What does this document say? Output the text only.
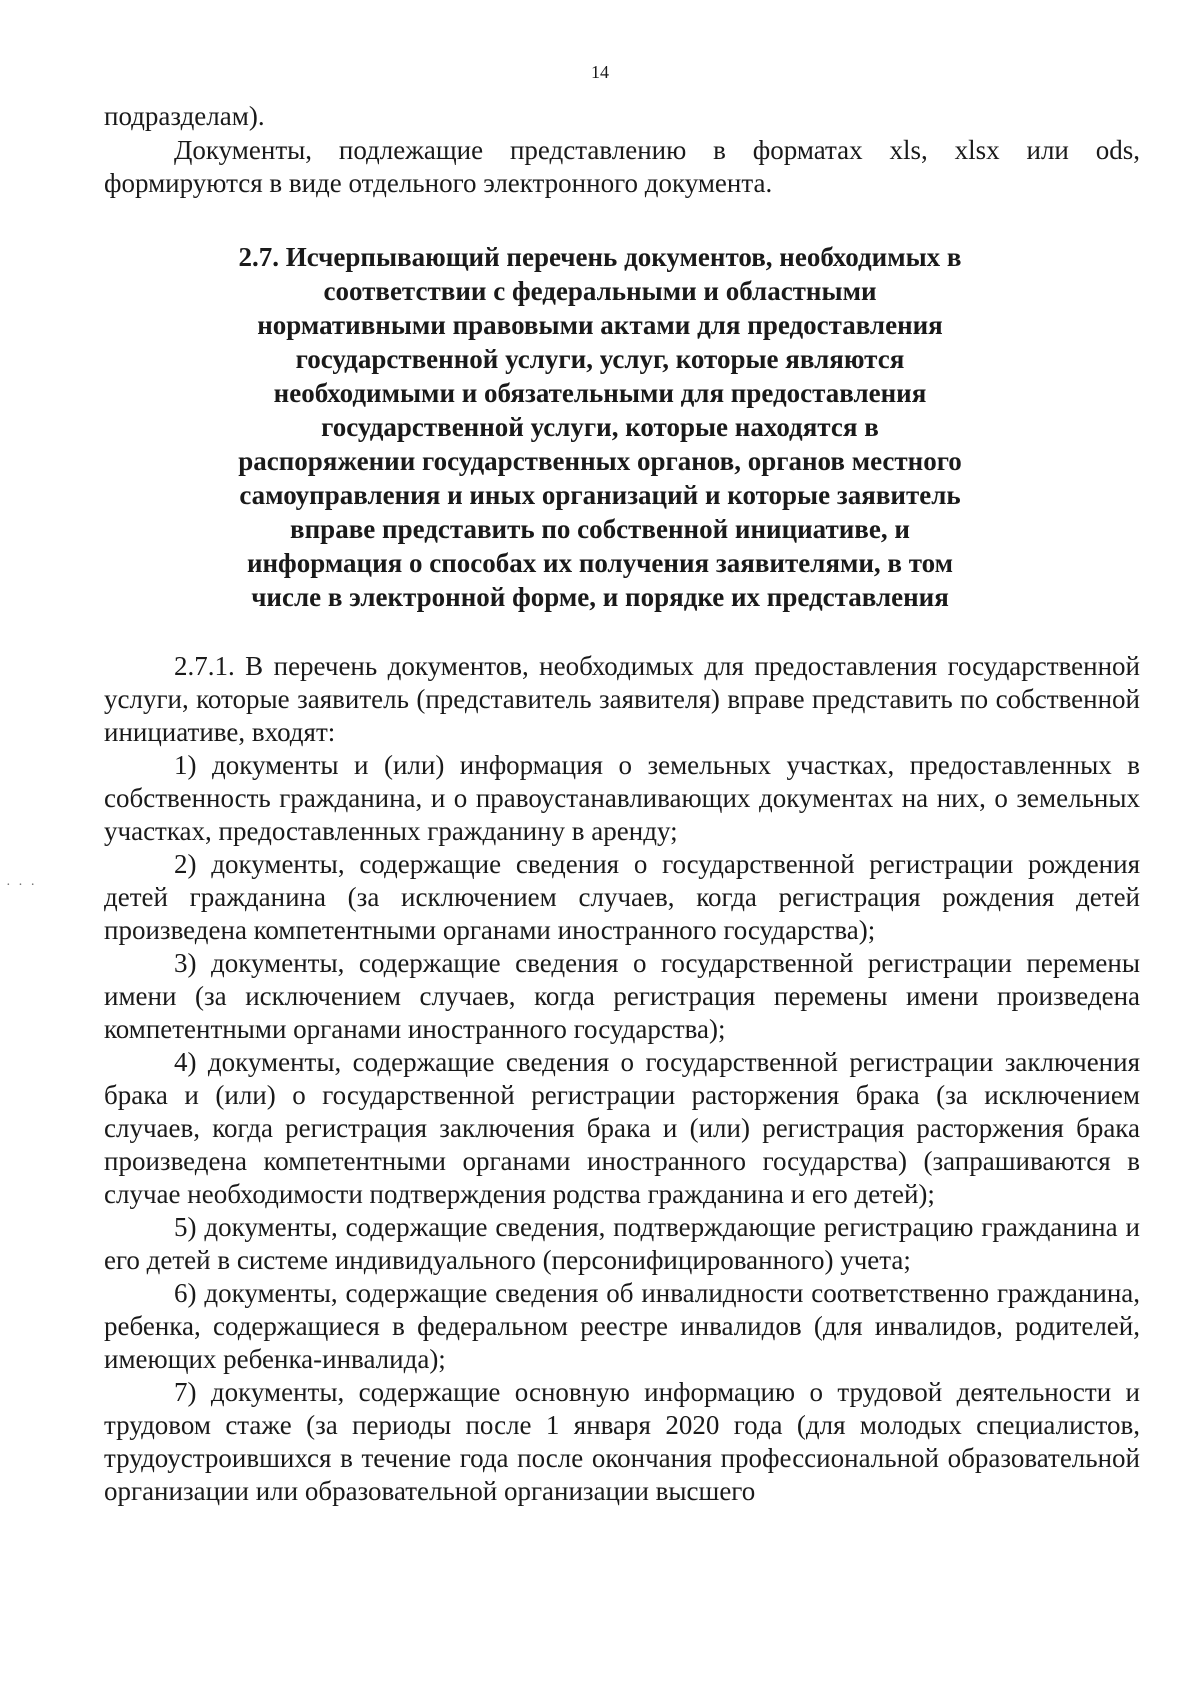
14

подразделам).

Документы, подлежащие представлению в форматах xls, xlsx или ods, формируются в виде отдельного электронного документа.

2.7. Исчерпывающий перечень документов, необходимых в соответствии с федеральными и областными нормативными правовыми актами для предоставления государственной услуги, услуг, которые являются необходимыми и обязательными для предоставления государственной услуги, которые находятся в распоряжении государственных органов, органов местного самоуправления и иных организаций и которые заявитель вправе представить по собственной инициативе, и информация о способах их получения заявителями, в том числе в электронной форме, и порядке их представления

2.7.1. В перечень документов, необходимых для предоставления государственной услуги, которые заявитель (представитель заявителя) вправе представить по собственной инициативе, входят:

1) документы и (или) информация о земельных участках, предоставленных в собственность гражданина, и о правоустанавливающих документах на них, о земельных участках, предоставленных гражданину в аренду;

2) документы, содержащие сведения о государственной регистрации рождения детей гражданина (за исключением случаев, когда регистрация рождения детей произведена компетентными органами иностранного государства);

3) документы, содержащие сведения о государственной регистрации перемены имени (за исключением случаев, когда регистрация перемены имени произведена компетентными органами иностранного государства);

4) документы, содержащие сведения о государственной регистрации заключения брака и (или) о государственной регистрации расторжения брака (за исключением случаев, когда регистрация заключения брака и (или) регистрация расторжения брака произведена компетентными органами иностранного государства) (запрашиваются в случае необходимости подтверждения родства гражданина и его детей);

5) документы, содержащие сведения, подтверждающие регистрацию гражданина и его детей в системе индивидуального (персонифицированного) учета;

6) документы, содержащие сведения об инвалидности соответственно гражданина, ребенка, содержащиеся в федеральном реестре инвалидов (для инвалидов, родителей, имеющих ребенка-инвалида);

7) документы, содержащие основную информацию о трудовой деятельности и трудовом стаже (за периоды после 1 января 2020 года (для молодых специалистов, трудоустроившихся в течение года после окончания профессиональной образовательной организации или образовательной организации высшего

· · ·
